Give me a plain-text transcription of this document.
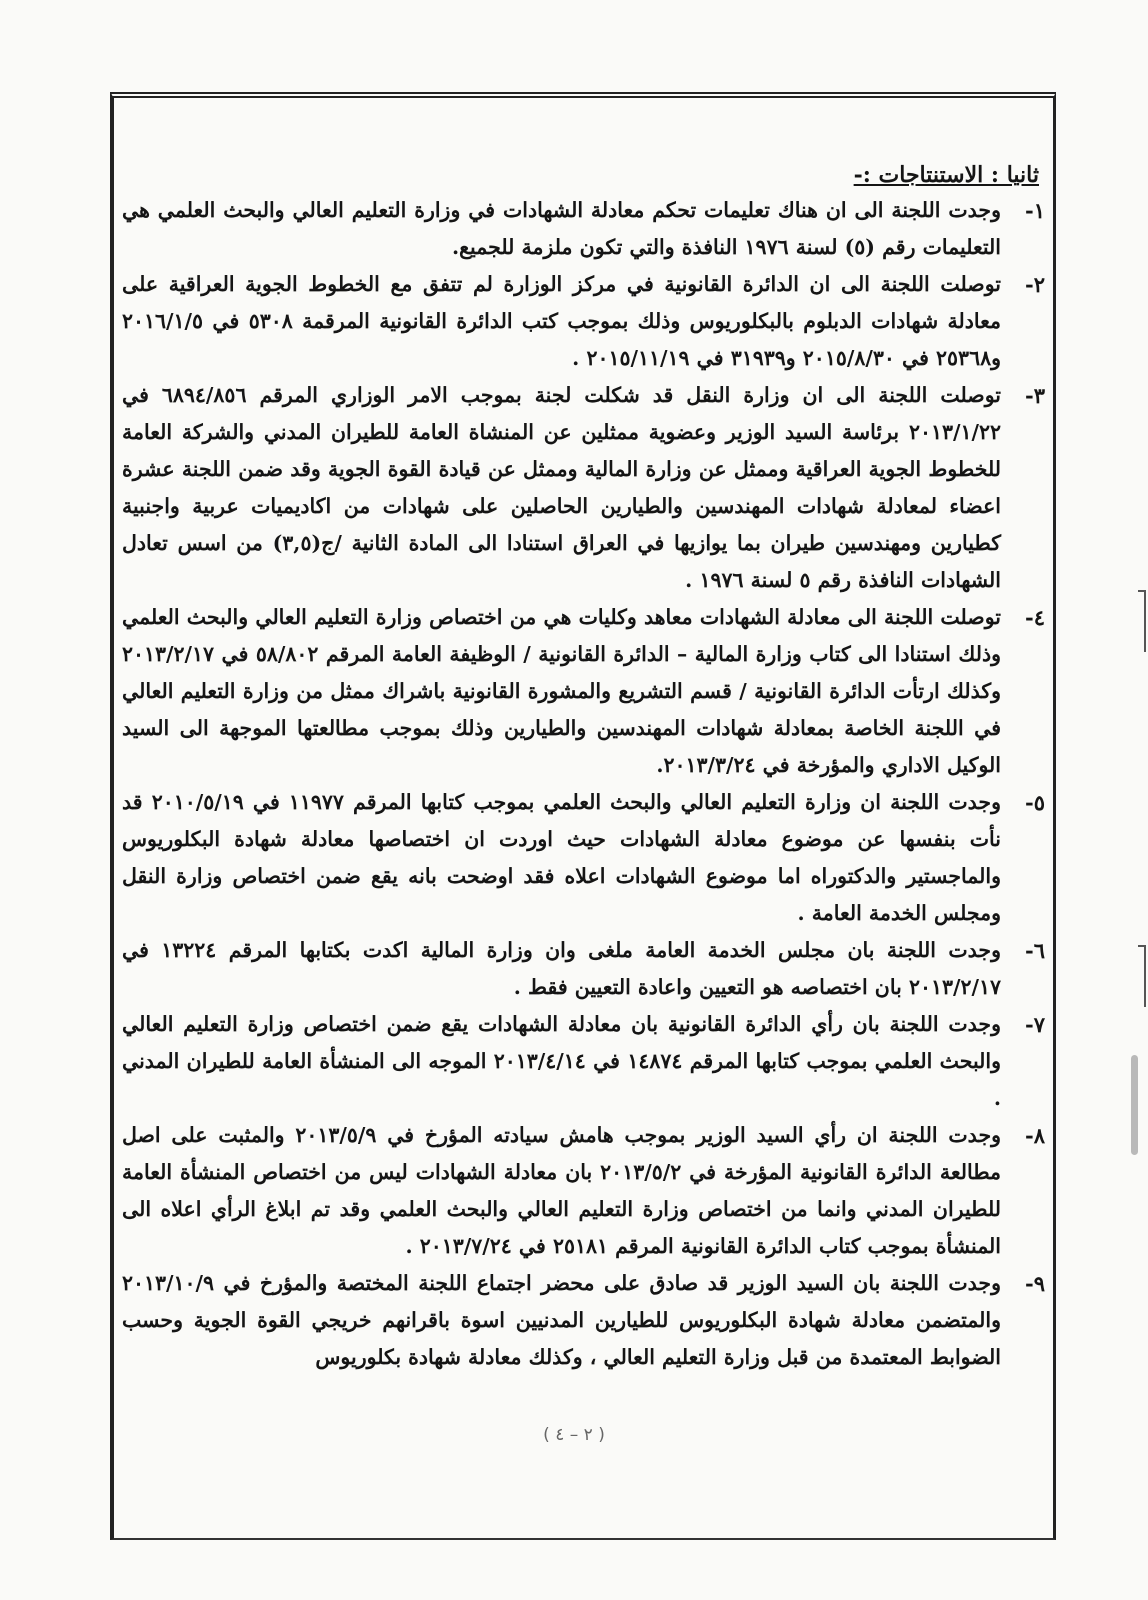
ثانيا : الاستنتاجات :-
١-
وجدت اللجنة الى ان هناك تعليمات تحكم معادلة الشهادات في وزارة التعليم العالي والبحث العلمي هي التعليمات رقم (٥) لسنة ١٩٧٦ النافذة والتي تكون ملزمة للجميع.
٢-
توصلت اللجنة الى ان الدائرة القانونية في مركز الوزارة لم تتفق مع الخطوط الجوية العراقية على معادلة شهادات الدبلوم بالبكلوريوس وذلك بموجب كتب الدائرة القانونية المرقمة ٥٣٠٨ في ٢٠١٦/١/٥ و٢٥٣٦٨ في ٢٠١٥/٨/٣٠ و٣١٩٣٩ في ٢٠١٥/١١/١٩ .
٣-
توصلت اللجنة الى ان وزارة النقل قد شكلت لجنة بموجب الامر الوزاري المرقم ٦٨٩٤/٨٥٦ في ٢٠١٣/١/٢٢ برئاسة السيد الوزير وعضوية ممثلين عن المنشاة العامة للطيران المدني والشركة العامة للخطوط الجوية العراقية وممثل عن وزارة المالية وممثل عن قيادة القوة الجوية وقد ضمن اللجنة عشرة اعضاء لمعادلة شهادات المهندسين والطيارين الحاصلين على شهادات من اكاديميات عربية واجنبية كطيارين ومهندسين طيران بما يوازيها في العراق استنادا الى المادة الثانية /ج(٣,٥) من اسس تعادل الشهادات النافذة رقم ٥ لسنة ١٩٧٦ .
٤-
توصلت اللجنة الى معادلة الشهادات معاهد وكليات هي من اختصاص وزارة التعليم العالي والبحث العلمي وذلك استنادا الى كتاب وزارة المالية – الدائرة القانونية / الوظيفة العامة المرقم ٥٨/٨٠٢ في ٢٠١٣/٢/١٧ وكذلك ارتأت الدائرة القانونية / قسم التشريع والمشورة القانونية باشراك ممثل من وزارة التعليم العالي في اللجنة الخاصة بمعادلة شهادات المهندسين والطيارين وذلك بموجب مطالعتها الموجهة الى السيد الوكيل الاداري والمؤرخة في ٢٠١٣/٣/٢٤.
٥-
وجدت اللجنة ان وزارة التعليم العالي والبحث العلمي بموجب كتابها المرقم ١١٩٧٧ في ٢٠١٠/٥/١٩ قد نأت بنفسها عن موضوع معادلة الشهادات حيث اوردت ان اختصاصها معادلة شهادة البكلوريوس والماجستير والدكتوراه اما موضوع الشهادات اعلاه فقد اوضحت بانه يقع ضمن اختصاص وزارة النقل ومجلس الخدمة العامة .
٦-
وجدت اللجنة بان مجلس الخدمة العامة ملغى وان وزارة المالية اكدت بكتابها المرقم ١٣٢٢٤ في ٢٠١٣/٢/١٧ بان اختصاصه هو التعيين واعادة التعيين فقط .
٧-
وجدت اللجنة بان رأي الدائرة القانونية بان معادلة الشهادات يقع ضمن اختصاص وزارة التعليم العالي والبحث العلمي بموجب كتابها المرقم ١٤٨٧٤ في ٢٠١٣/٤/١٤ الموجه الى المنشأة العامة للطيران المدني .
٨-
وجدت اللجنة ان رأي السيد الوزير بموجب هامش سيادته المؤرخ في ٢٠١٣/٥/٩ والمثبت على اصل مطالعة الدائرة القانونية المؤرخة في ٢٠١٣/٥/٢ بان معادلة الشهادات ليس من اختصاص المنشأة العامة للطيران المدني وانما من اختصاص وزارة التعليم العالي والبحث العلمي وقد تم ابلاغ الرأي اعلاه الى المنشأة بموجب كتاب الدائرة القانونية المرقم ٢٥١٨١ في ٢٠١٣/٧/٢٤ .
٩-
وجدت اللجنة بان السيد الوزير قد صادق على محضر اجتماع اللجنة المختصة والمؤرخ في ٢٠١٣/١٠/٩ والمتضمن معادلة شهادة البكلوريوس للطيارين المدنيين اسوة باقرانهم خريجي القوة الجوية وحسب الضوابط المعتمدة من قبل وزارة التعليم العالي ، وكذلك معادلة شهادة بكلوريوس
( ٢ – ٤ )
